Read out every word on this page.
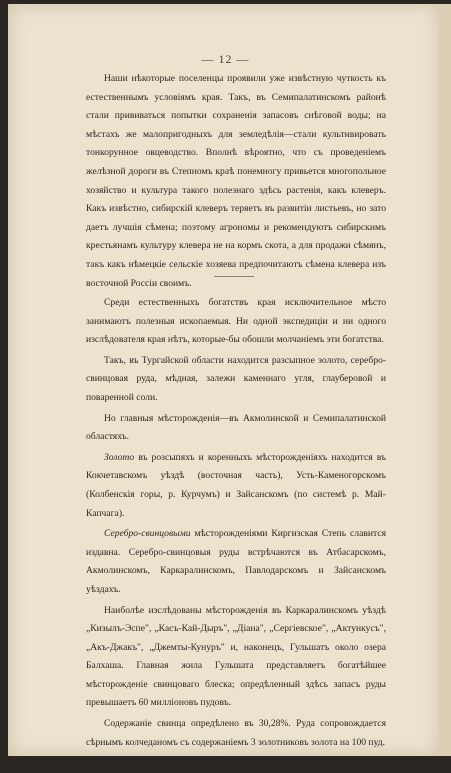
— 12 —

Наши нѣкоторые поселенцы проявили уже извѣстную чуткость къ естественнымъ условiямъ края. Такъ, въ Семипалатинскомъ районѣ стали прививаться попытки сохраненiя запасовъ снѣговой воды; на мѣстахъ же малопригодныхъ для земледѣлiя—стали культивировать тонкорунное овцеводство. Вполнѣ вѣроятно, что съ проведенiемъ желѣзной дороги въ Степномъ краѣ понемногу привьется многопольное хозяйство и культура такого полезнаго здѣсь растенiя, какъ клеверъ. Какъ извѣстно, сибирскiй клеверъ теряетъ въ развитiи листьевъ, но зато даетъ лучшiя сѣмена; поэтому агрономы и рекомендуютъ сибирскимъ крестьянамъ культуру клевера не на кормъ скота, а для продажи сѣмянъ, такъ какъ нѣмецкiе сельскiе хозяева предпочитаютъ сѣмена клевера изъ восточной Россiи своимъ.

Среди естественныхъ богатствъ края исключительное мѣсто занимаютъ полезныя ископаемыя. Ни одной экспедицiи и ни одного изслѣдователя края нѣтъ, которые-бы обошли молчанiемъ эти богатства.

Такъ, въ Тургайской области находится разсыпное золото, серебро-свинцовая руда, мѣдная, залежи каменнаго угля, глауберовой и поваренной соли.

Но главныя мѣсторожденiя—въ Акмолинской и Семипалатинской областяхъ.

Золото въ розсыпяхъ и коренныхъ мѣсторожденiяхъ находится въ Кокчетавскомъ уѣздѣ (восточная часть), Усть-Каменогорскомъ (Колбенскiя горы, р. Курчумъ) и Зайсанскомъ (по системѣ р. Май-Капчага).

Серебро-свинцовыми мѣсторожденiями Киргизская Степь славится издавна. Серебро-свинцовыя руды встрѣчаются въ Атбасарскомъ, Акмолинскомъ, Каркаралинскомъ, Павлодарскомъ и Зайсанскомъ уѣздахъ.

Наиболѣе изслѣдованы мѣсторожденiя въ Каркаралинскомъ уѣздѣ „Кизылъ-Эспе", „Касъ-Кай-Дыръ", „Дiана", „Сергiевское", „Актункусъ", „Акъ-Джакъ", „Джемты-Кунуръ" и, наконецъ, Гульшатъ около озера Балхаша. Главная жила Гульшата представляетъ богатѣйшее мѣсторожденiе свинцоваго блеска; опредѣленный здѣсь запасъ руды превышаетъ 60 миллiоновъ пудовъ.

Содержанiе свинца опредѣлено въ 30,28%. Руда сопровождается сѣрнымъ колчеданомъ съ содержанiемъ 3 золотниковъ золота на 100 пуд.

Добыча пока—ничтожна: нѣсколько тысячъ пудовъ.
